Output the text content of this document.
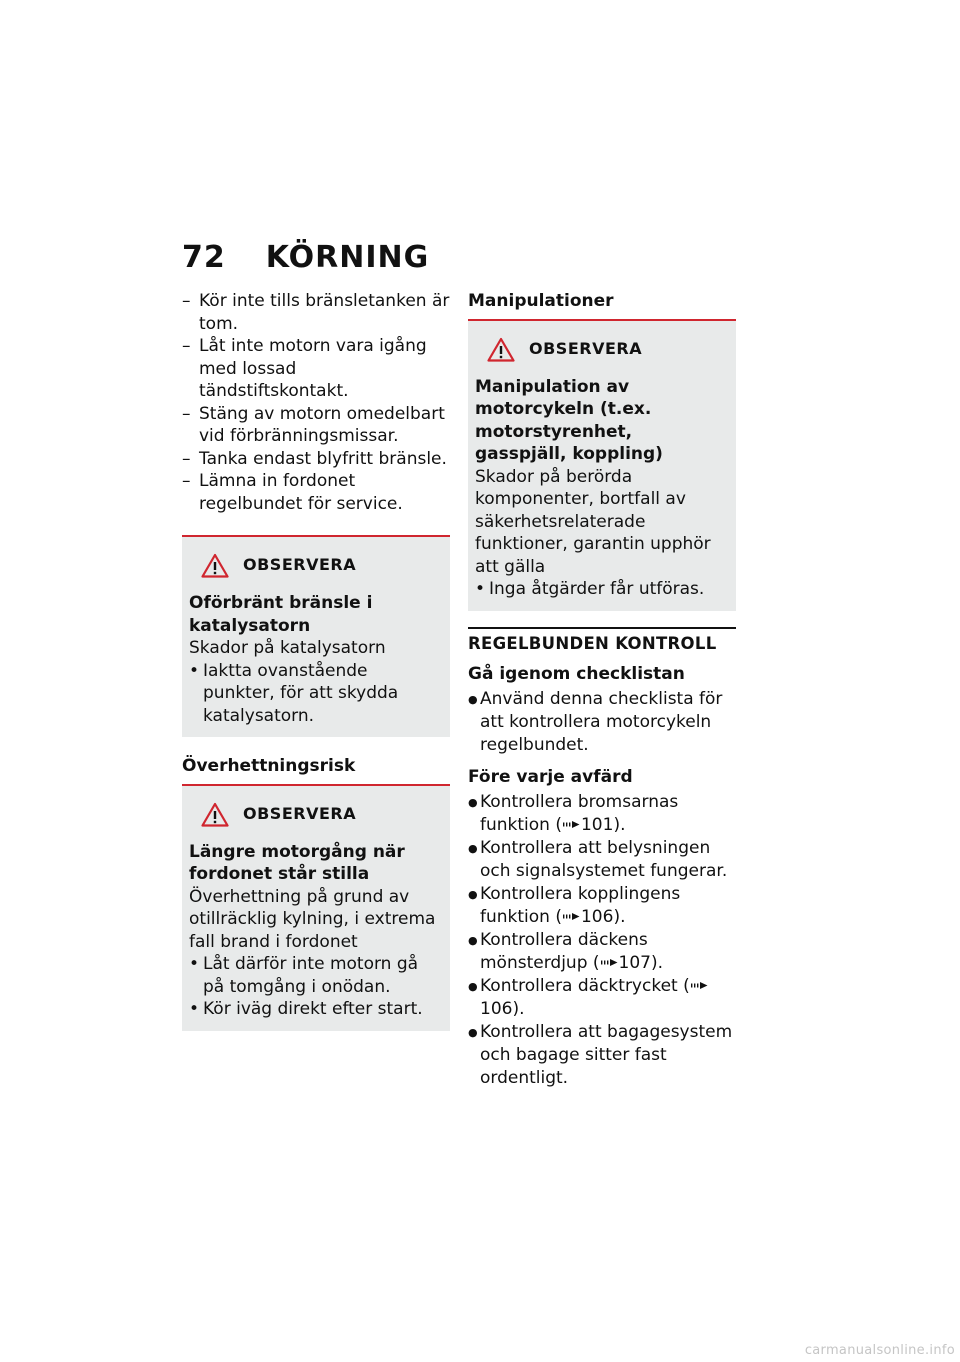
72 KÖRNING
– Kör inte tills bränsletanken är tom.
– Låt inte motorn vara igång med lossad tändstiftskontakt.
– Stäng av motorn omedelbart vid förbränningsmissar.
– Tanka endast blyfritt bränsle.
– Lämna in fordonet regelbundet för service.
OBSERVERA

Oförbränt bränsle i katalysatorn

Skador på katalysatorn

• Iaktta ovanstående punkter, för att skydda katalysatorn.
Överhettningsrisk
OBSERVERA

Längre motorgång när fordonet står stilla

Överhettning på grund av otillräcklig kylning, i extrema fall brand i fordonet

• Låt därför inte motorn gå på tomgång i onödan.
• Kör iväg direkt efter start.
Manipulationer
OBSERVERA

Manipulation av motorcykeln (t.ex. motorstyrenhet, gasspjäll, koppling)

Skador på berörda komponenter, bortfall av säkerhetsrelaterade funktioner, garantin upphör att gälla

• Inga åtgärder får utföras.
REGELBUNDEN KONTROLL
Gå igenom checklistan
● Använd denna checklista för att kontrollera motorcykeln regelbundet.
Före varje avfärd
● Kontrollera bromsarnas funktion ( 101).
● Kontrollera att belysningen och signalsystemet fungerar.
● Kontrollera kopplingens funktion ( 106).
● Kontrollera däckens mönsterdjup ( 107).
● Kontrollera däcktrycket (106).
● Kontrollera att bagagesystem och bagage sitter fast ordentligt.
carmanualsonline.info
